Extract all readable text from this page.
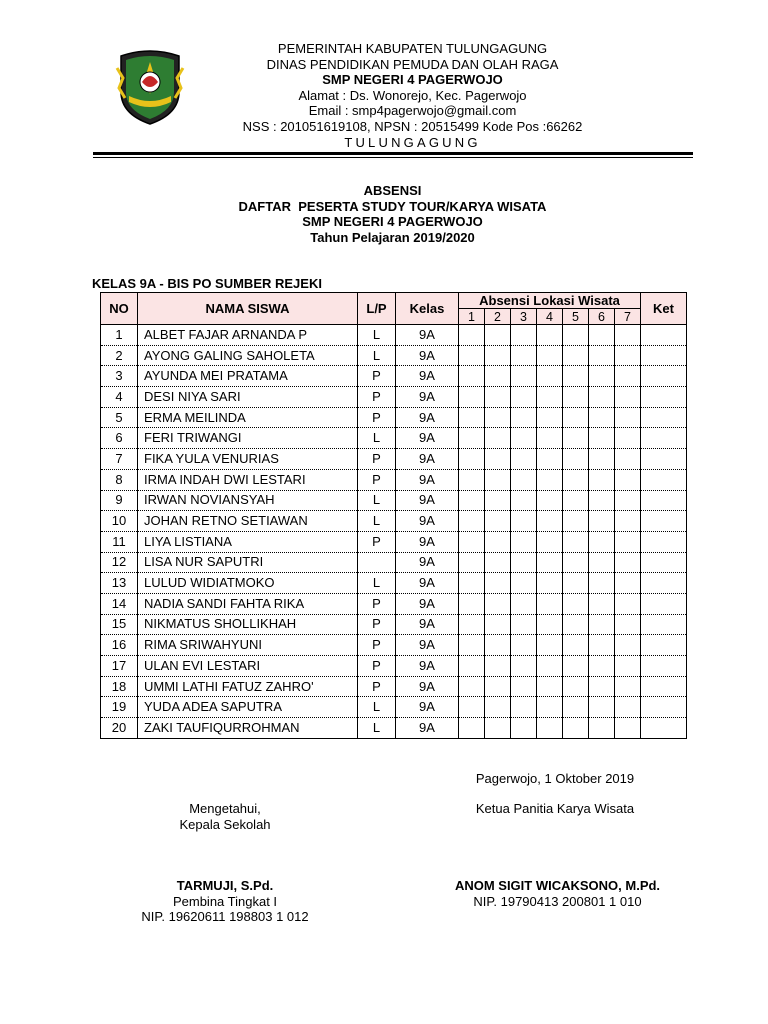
PEMERINTAH KABUPATEN TULUNGAGUNG
DINAS PENDIDIKAN PEMUDA DAN OLAH RAGA
SMP NEGERI 4 PAGERWOJO
Alamat : Ds. Wonorejo, Kec. Pagerwojo
Email : smp4pagerwojo@gmail.com
NSS : 201051619108, NPSN : 20515499 Kode Pos :66262
TULUNGAGUNG
ABSENSI
DAFTAR  PESERTA STUDY TOUR/KARYA WISATA
SMP NEGERI 4 PAGERWOJO
Tahun Pelajaran 2019/2020
KELAS 9A - BIS PO SUMBER REJEKI
NO	NAMA SISWA	L/P	Kelas	Absensi Lokasi Wisata							Ket
				1	2	3	4	5	6	7	
1	ALBET FAJAR ARNANDA P	L	9A								
2	AYONG GALING SAHOLETA	L	9A								
3	AYUNDA MEI PRATAMA	P	9A								
4	DESI NIYA SARI	P	9A								
5	ERMA MEILINDA	P	9A								
6	FERI TRIWANGI	L	9A								
7	FIKA YULA VENURIAS	P	9A								
8	IRMA INDAH DWI LESTARI	P	9A								
9	IRWAN NOVIANSYAH	L	9A								
10	JOHAN RETNO SETIAWAN	L	9A								
11	LIYA LISTIANA	P	9A								
12	LISA NUR SAPUTRI		9A								
13	LULUD WIDIATMOKO	L	9A								
14	NADIA SANDI FAHTA RIKA	P	9A								
15	NIKMATUS SHOLLIKHAH	P	9A								
16	RIMA SRIWAHYUNI	P	9A								
17	ULAN EVI LESTARI	P	9A								
18	UMMI LATHI FATUZ ZAHRO'	P	9A								
19	YUDA ADEA SAPUTRA	L	9A								
20	ZAKI TAUFIQURROHMAN	L	9A								
Pagerwojo, 1 Oktober 2019
Ketua Panitia Karya Wisata
Mengetahui,
Kepala Sekolah
TARMUJI, S.Pd.
Pembina Tingkat I
NIP. 19620611 198803 1 012
ANOM SIGIT WICAKSONO, M.Pd.
NIP. 19790413 200801 1 010
